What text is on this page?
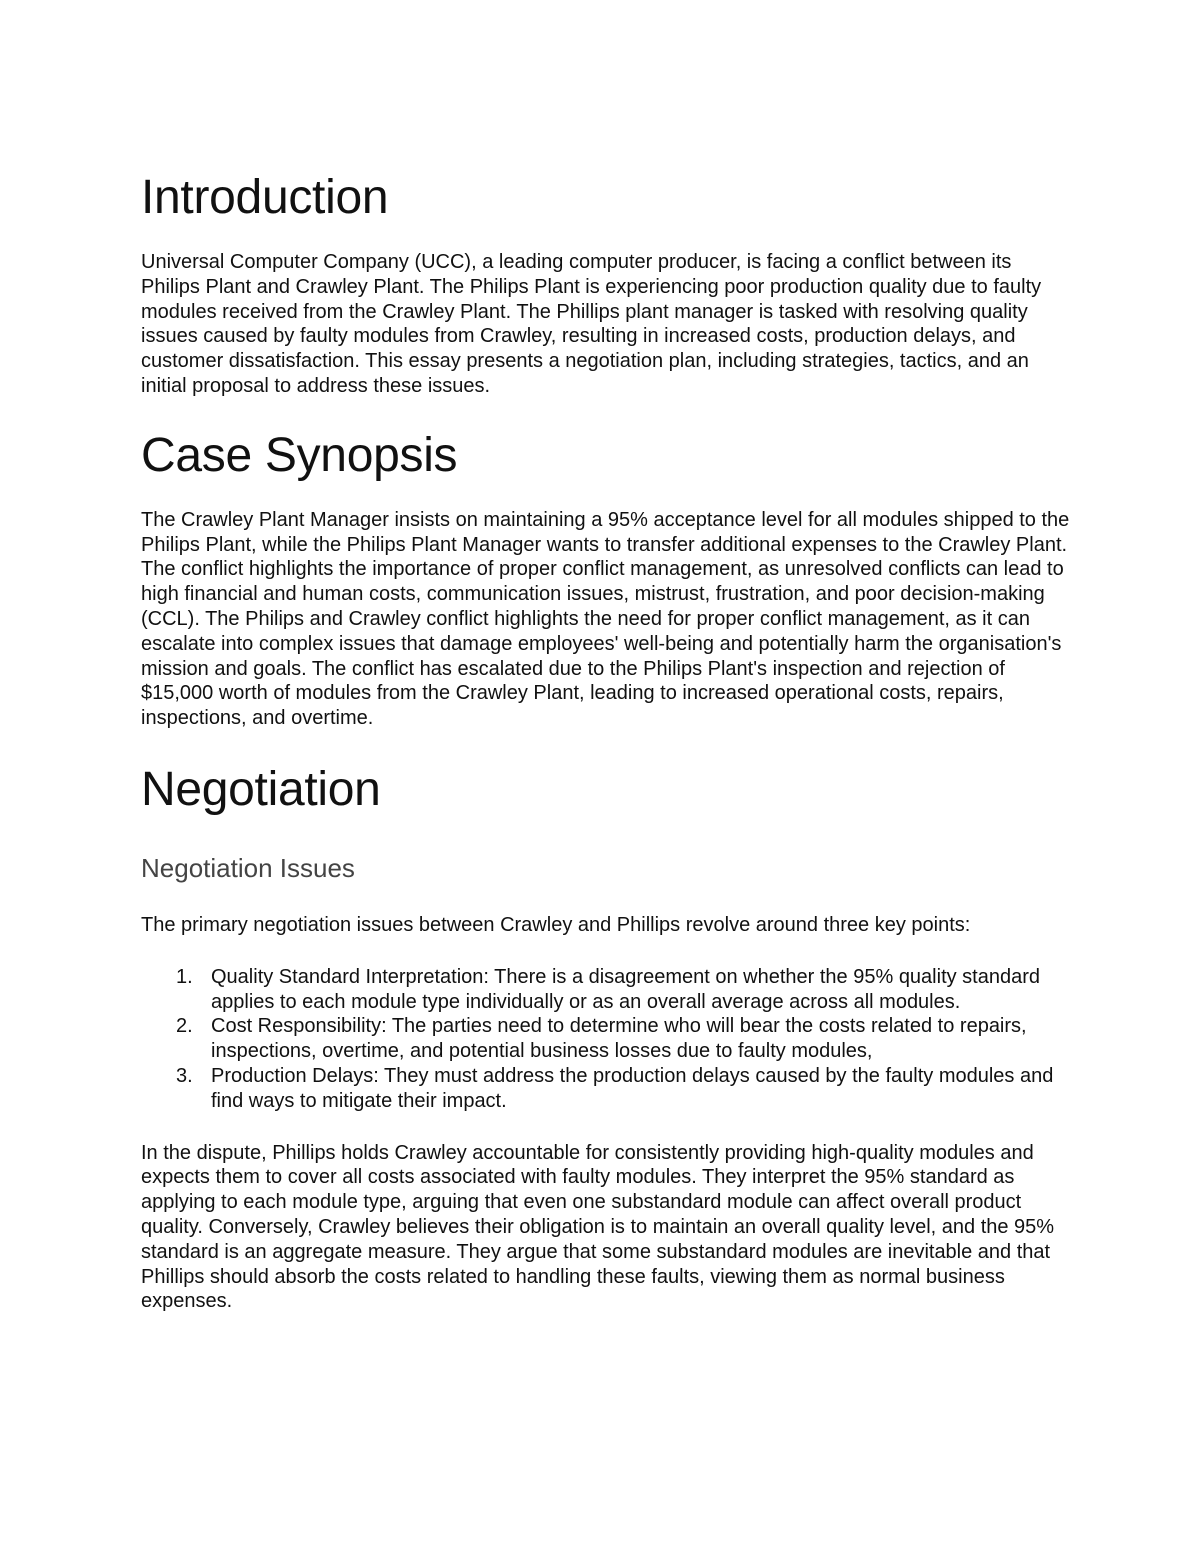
Introduction

Universal Computer Company (UCC), a leading computer producer, is facing a conflict between its Philips Plant and Crawley Plant. The Philips Plant is experiencing poor production quality due to faulty modules received from the Crawley Plant. The Phillips plant manager is tasked with resolving quality issues caused by faulty modules from Crawley, resulting in increased costs, production delays, and customer dissatisfaction. This essay presents a negotiation plan, including strategies, tactics, and an initial proposal to address these issues.

Case Synopsis

The Crawley Plant Manager insists on maintaining a 95% acceptance level for all modules shipped to the Philips Plant, while the Philips Plant Manager wants to transfer additional expenses to the Crawley Plant. The conflict highlights the importance of proper conflict management, as unresolved conflicts can lead to high financial and human costs, communication issues, mistrust, frustration, and poor decision-making (CCL). The Philips and Crawley conflict highlights the need for proper conflict management, as it can escalate into complex issues that damage employees' well-being and potentially harm the organisation's mission and goals. The conflict has escalated due to the Philips Plant's inspection and rejection of $15,000 worth of modules from the Crawley Plant, leading to increased operational costs, repairs, inspections, and overtime.

Negotiation
Negotiation Issues

The primary negotiation issues between Crawley and Phillips revolve around three key points:

1. Quality Standard Interpretation: There is a disagreement on whether the 95% quality standard applies to each module type individually or as an overall average across all modules.
2. Cost Responsibility: The parties need to determine who will bear the costs related to repairs, inspections, overtime, and potential business losses due to faulty modules,
3. Production Delays: They must address the production delays caused by the faulty modules and find ways to mitigate their impact.

In the dispute, Phillips holds Crawley accountable for consistently providing high-quality modules and expects them to cover all costs associated with faulty modules. They interpret the 95% standard as applying to each module type, arguing that even one substandard module can affect overall product quality. Conversely, Crawley believes their obligation is to maintain an overall quality level, and the 95% standard is an aggregate measure. They argue that some substandard modules are inevitable and that Phillips should absorb the costs related to handling these faults, viewing them as normal business expenses.
